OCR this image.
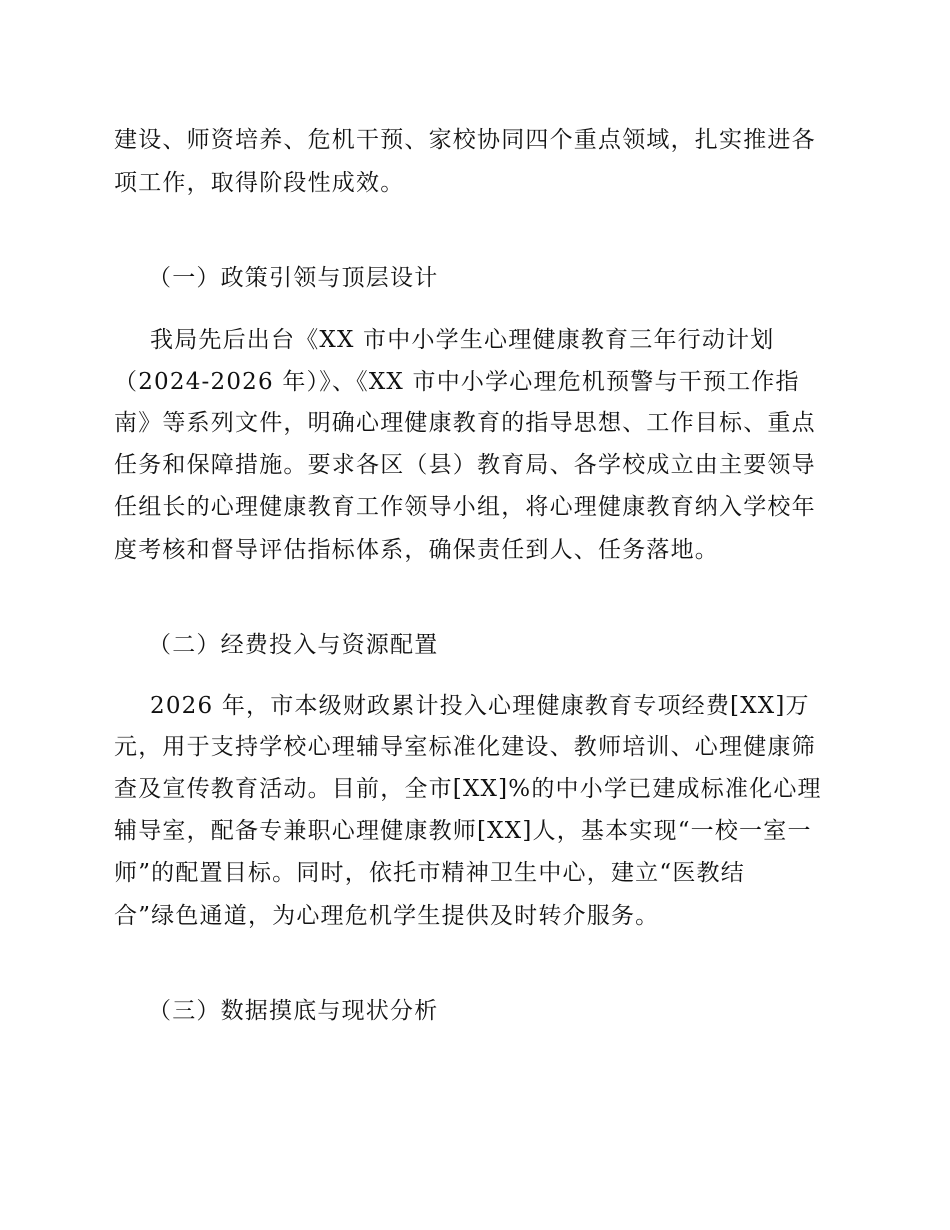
建设、师资培养、危机干预、家校协同四个重点领域，扎实推进各
项工作，取得阶段性成效。
（一）政策引领与顶层设计
我局先后出台《XX 市中小学生心理健康教育三年行动计划
（2024-2026 年）》、《XX 市中小学心理危机预警与干预工作指
南》等系列文件，明确心理健康教育的指导思想、工作目标、重点
任务和保障措施。要求各区（县）教育局、各学校成立由主要领导
任组长的心理健康教育工作领导小组，将心理健康教育纳入学校年
度考核和督导评估指标体系，确保责任到人、任务落地。
（二）经费投入与资源配置
2026 年，市本级财政累计投入心理健康教育专项经费[XX]万
元，用于支持学校心理辅导室标准化建设、教师培训、心理健康筛
查及宣传教育活动。目前，全市[XX]%的中小学已建成标准化心理
辅导室，配备专兼职心理健康教师[XX]人，基本实现“一校一室一
师”的配置目标。同时，依托市精神卫生中心，建立“医教结
合”绿色通道，为心理危机学生提供及时转介服务。
（三）数据摸底与现状分析
